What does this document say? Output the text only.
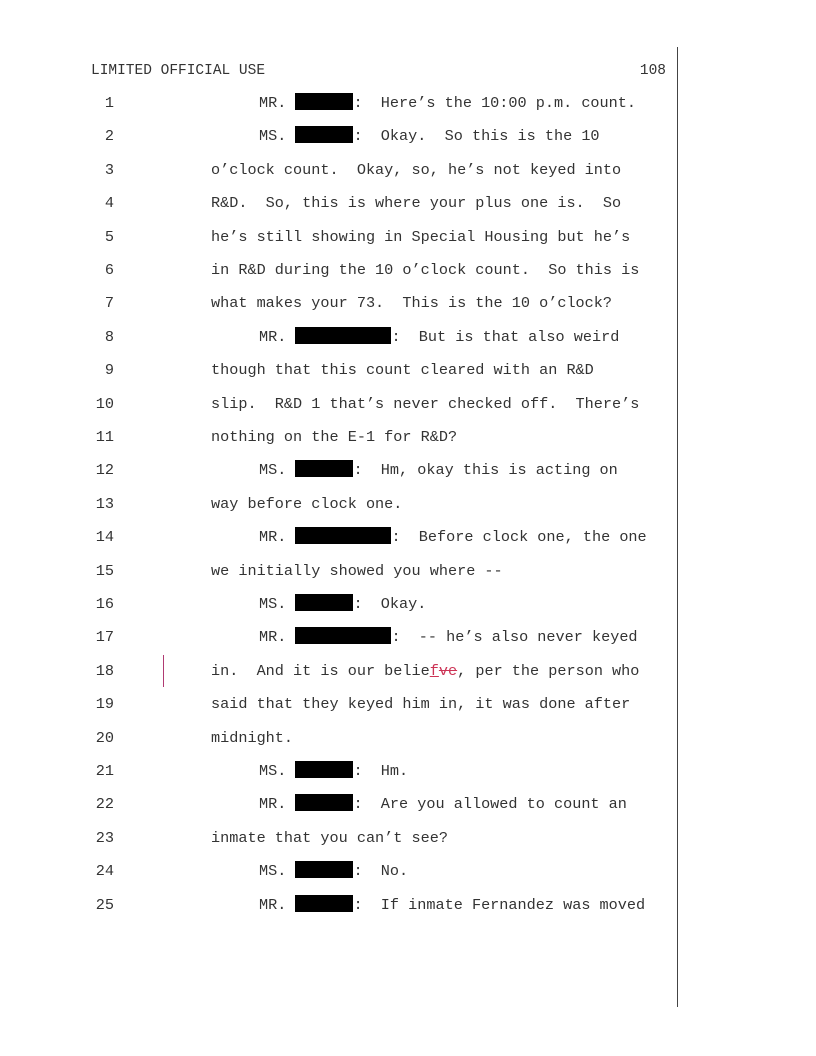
LIMITED OFFICIAL USE	108
1	MR.	:  Here’s the 10:00 p.m. count.
2	MS.	:  Okay.  So this is the 10
3	o’clock count.  Okay, so, he’s not keyed into
4	R&D.  So, this is where your plus one is.  So
5	he’s still showing in Special Housing but he’s
6	in R&D during the 10 o’clock count.  So this is
7	what makes your 73.  This is the 10 o’clock?
8	MR.	:  But is that also weird
9	though that this count cleared with an R&D
10	slip.  R&D 1 that’s never checked off.  There’s
11	nothing on the E-1 for R&D?
12	MS.	:  Hm, okay this is acting on
13	way before clock one.
14	MR.	:  Before clock one, the one
15	we initially showed you where --
16	MS.	:  Okay.
17	MR.	:  -- he’s also never keyed
18	in.  And it is our beliefve, per the person who
19	said that they keyed him in, it was done after
20	midnight.
21	MS.	:  Hm.
22	MR.	:  Are you allowed to count an
23	inmate that you can’t see?
24	MS.	:  No.
25	MR.	:  If inmate Fernandez was moved
